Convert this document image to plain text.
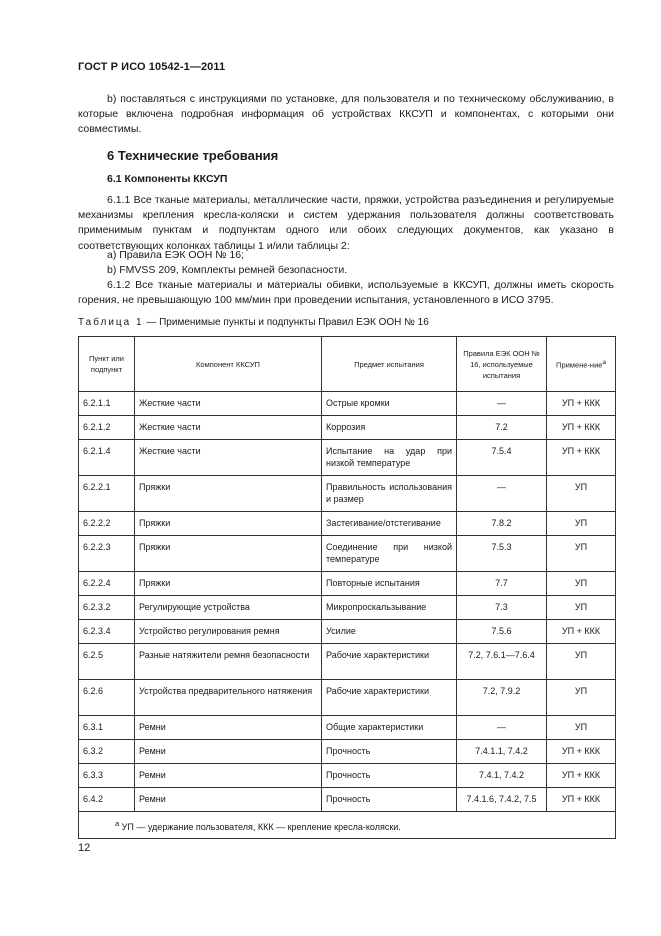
ГОСТ Р ИСО 10542-1—2011
b) поставляться с инструкциями по установке, для пользователя и по техническому обслуживанию, в которые включена подробная информация об устройствах ККСУП и компонентах, с которыми они совместимы.
6 Технические требования
6.1 Компоненты ККСУП
6.1.1 Все тканые материалы, металлические части, пряжки, устройства разъединения и регулируемые механизмы крепления кресла-коляски и систем удержания пользователя должны соответствовать применимым пунктам и подпунктам одного или обоих следующих документов, как указано в соответствующих колонках таблицы 1 и/или таблицы 2:
a) Правила ЕЭК ООН № 16;
b) FMVSS 209, Комплекты ремней безопасности.
6.1.2 Все тканые материалы и материалы обивки, используемые в ККСУП, должны иметь скорость горения, не превышающую 100 мм/мин при проведении испытания, установленного в ИСО 3795.
Таблица 1 — Применимые пункты и подпункты Правил ЕЭК ООН № 16
Пункт или подпункт	Компонент ККСУП	Предмет испытания	Правила ЕЭК ООН № 16, используемые испытания	Примене-ние$^a$
6.2.1.1	Жесткие части	Острые кромки	—	УП + ККК
6.2.1.2	Жесткие части	Коррозия	7.2	УП + ККК
6.2.1.4	Жесткие части	Испытание на удар при низкой температуре	7.5.4	УП + ККК
6.2.2.1	Пряжки	Правильность использования и размер	—	УП
6.2.2.2	Пряжки	Застегивание/отстегивание	7.8.2	УП
6.2.2.3	Пряжки	Соединение при низкой температуре	7.5.3	УП
6.2.2.4	Пряжки	Повторные испытания	7.7	УП
6.2.3.2	Регулирующие устройства	Микропроскальзывание	7.3	УП
6.2.3.4	Устройство регулирования ремня	Усилие	7.5.6	УП + ККК
6.2.5	Разные натяжители ремня безопасности	Рабочие характеристики	7.2, 7.6.1—7.6.4	УП
6.2.6	Устройства предварительного натяжения	Рабочие характеристики	7.2, 7.9.2	УП
6.3.1	Ремни	Общие характеристики	—	УП
6.3.2	Ремни	Прочность	7.4.1.1, 7.4.2	УП + ККК
6.3.3	Ремни	Прочность	7.4.1, 7.4.2	УП + ККК
6.4.2	Ремни	Прочность	7.4.1.6, 7.4.2, 7.5	УП + ККК
$^a$ УП — удержание пользователя, ККК — крепление кресла-коляски.				
12
